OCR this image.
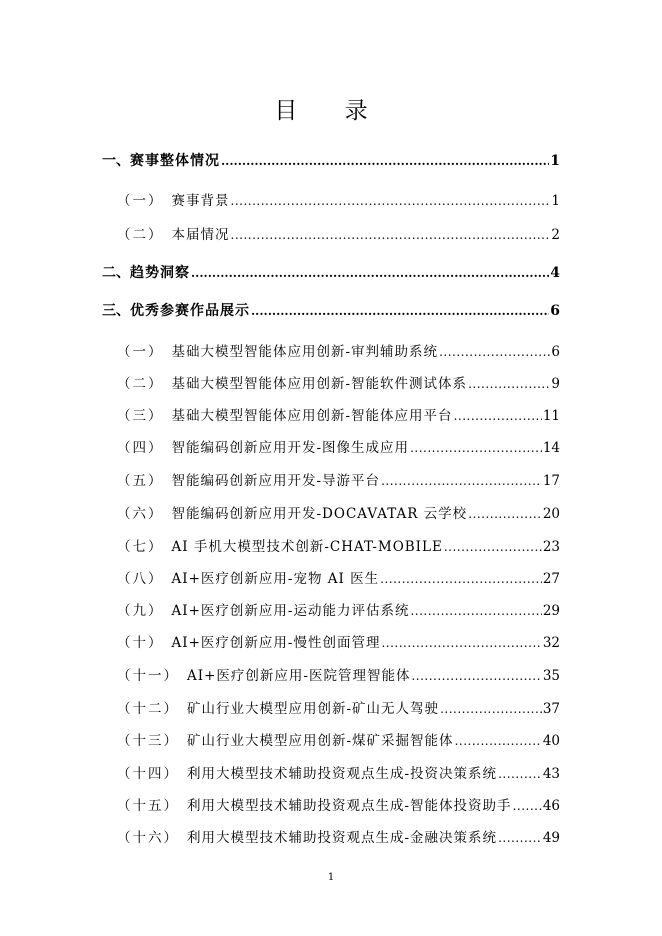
目 录
一、 赛事整体情况 .....	1
（一） 赛事背景 .....	1
（二） 本届情况 .....	2
二、 趋势洞察 .....	4
三、 优秀参赛作品展示 .....	6
（一） 基础大模型智能体应用创新-审判辅助系统 .....	6
（二） 基础大模型智能体应用创新-智能软件测试体系 .....	9
（三） 基础大模型智能体应用创新-智能体应用平台 .....	11
（四） 智能编码创新应用开发-图像生成应用 .....	14
（五） 智能编码创新应用开发-导游平台 .....	17
（六） 智能编码创新应用开发-DOCAVATAR 云学校 .....	20
（七） AI 手机大模型技术创新-CHAT-MOBILE .....	23
（八） AI+医疗创新应用-宠物 AI 医生 .....	27
（九） AI+医疗创新应用-运动能力评估系统 .....	29
（十） AI+医疗创新应用-慢性创面管理 .....	32
（十一） AI+医疗创新应用-医院管理智能体 .....	35
（十二） 矿山行业大模型应用创新-矿山无人驾驶 .....	37
（十三） 矿山行业大模型应用创新-煤矿采掘智能体 .....	40
（十四） 利用大模型技术辅助投资观点生成-投资决策系统 .....	43
（十五） 利用大模型技术辅助投资观点生成-智能体投资助手 ..... 46
（十六） 利用大模型技术辅助投资观点生成-金融决策系统 .....	49
1
